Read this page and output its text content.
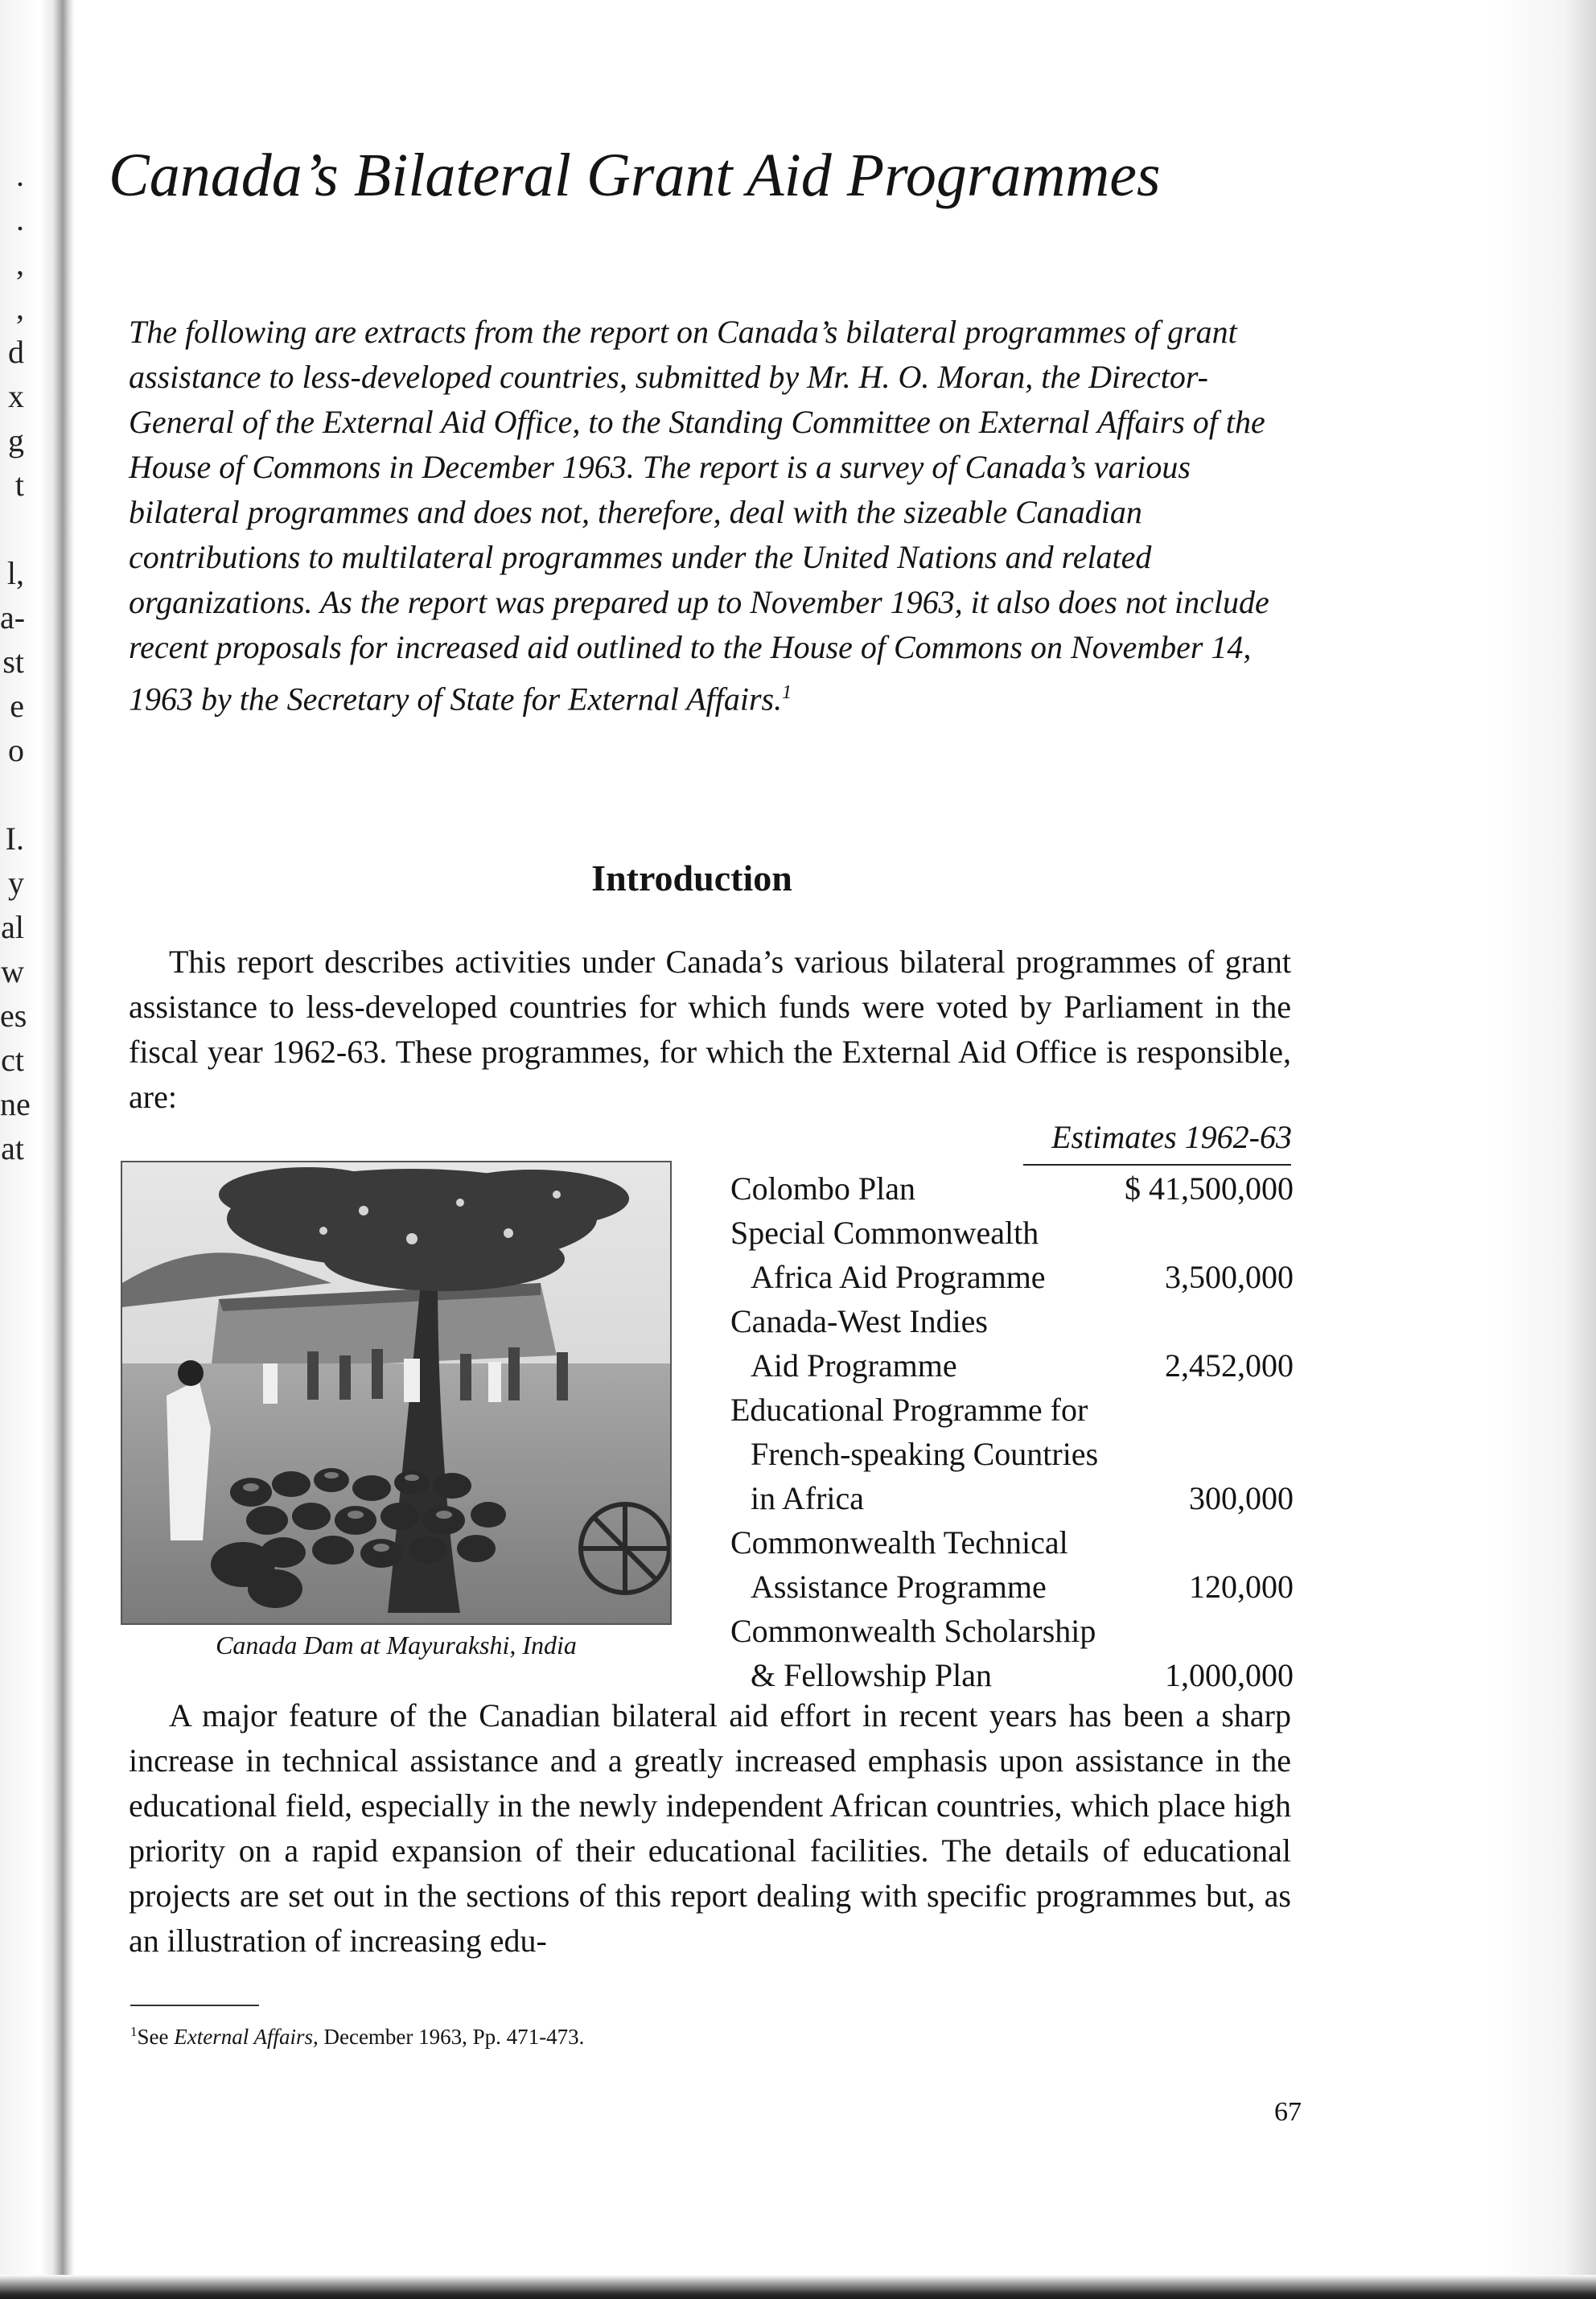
.
.
,
,
d
x
g
t
l,
a-
st
e
o
I.
y
al
w
es
ct
ne
at
Canada’s Bilateral Grant Aid Programmes

The following are extracts from the report on Canada’s bilateral programmes of grant assistance to less-developed countries, submitted by Mr. H. O. Moran, the Director-General of the External Aid Office, to the Standing Committee on External Affairs of the House of Commons in December 1963. The report is a survey of Canada’s various bilateral programmes and does not, therefore, deal with the sizeable Canadian contributions to multilateral programmes under the United Nations and related organizations. As the report was prepared up to November 1963, it also does not include recent proposals for increased aid outlined to the House of Commons on November 14, 1963 by the Secretary of State for External Affairs.$^1$

Introduction

This report describes activities under Canada’s various bilateral programmes of grant assistance to less-developed countries for which funds were voted by Parliament in the fiscal year 1962-63. These programmes, for which the External Aid Office is responsible, are:

Canada Dam at Mayurakshi, India

Estimates 1962-63
Colombo Plan	$ 41,500,000
Special Commonwealth
Africa Aid Programme	3,500,000
Canada-West Indies
Aid Programme	2,452,000
Educational Programme for
French-speaking Countries
in Africa	300,000
Commonwealth Technical
Assistance Programme	120,000
Commonwealth Scholarship
& Fellowship Plan	1,000,000

A major feature of the Canadian bilateral aid effort in recent years has been a sharp increase in technical assistance and a greatly increased emphasis upon assistance in the educational field, especially in the newly independent African countries, which place high priority on a rapid expansion of their educational facilities. The details of educational projects are set out in the sections of this report dealing with specific programmes but, as an illustration of increasing edu-

$^1$See External Affairs, December 1963, Pp. 471-473.

67
